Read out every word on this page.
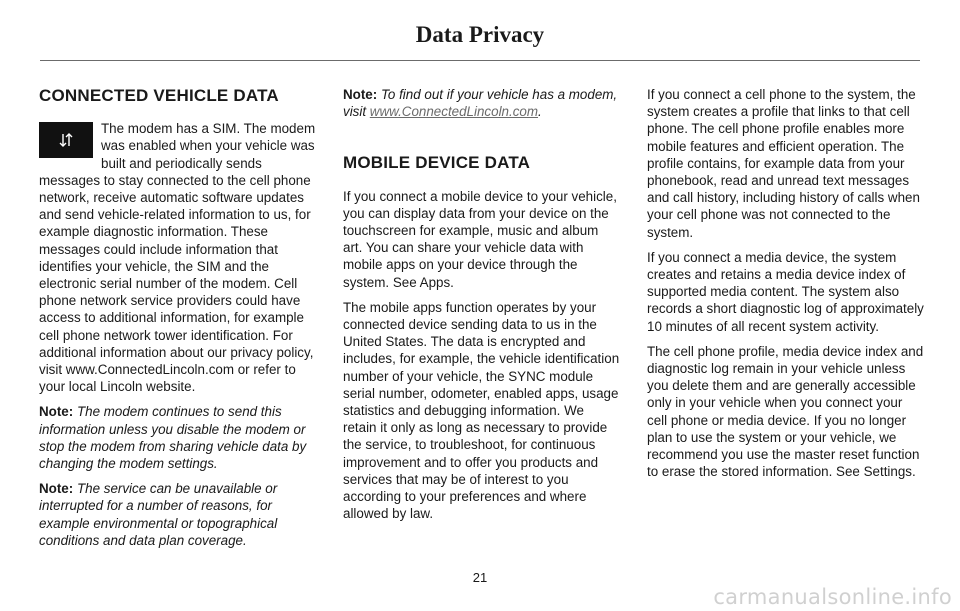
Data Privacy
CONNECTED VEHICLE DATA

The modem has a SIM. The modem was enabled when your vehicle was built and periodically sends messages to stay connected to the cell phone network, receive automatic software updates and send vehicle-related information to us, for example diagnostic information. These messages could include information that identifies your vehicle, the SIM and the electronic serial number of the modem. Cell phone network service providers could have access to additional information, for example cell phone network tower identification. For additional information about our privacy policy, visit www.ConnectedLincoln.com or refer to your local Lincoln website.

Note: The modem continues to send this information unless you disable the modem or stop the modem from sharing vehicle data by changing the modem settings.

Note: The service can be unavailable or interrupted for a number of reasons, for example environmental or topographical conditions and data plan coverage.

Note: To find out if your vehicle has a modem, visit www.ConnectedLincoln.com.

MOBILE DEVICE DATA

If you connect a mobile device to your vehicle, you can display data from your device on the touchscreen for example, music and album art. You can share your vehicle data with mobile apps on your device through the system. See Apps.

The mobile apps function operates by your connected device sending data to us in the United States. The data is encrypted and includes, for example, the vehicle identification number of your vehicle, the SYNC module serial number, odometer, enabled apps, usage statistics and debugging information. We retain it only as long as necessary to provide the service, to troubleshoot, for continuous improvement and to offer you products and services that may be of interest to you according to your preferences and where allowed by law.

If you connect a cell phone to the system, the system creates a profile that links to that cell phone. The cell phone profile enables more mobile features and efficient operation. The profile contains, for example data from your phonebook, read and unread text messages and call history, including history of calls when your cell phone was not connected to the system.

If you connect a media device, the system creates and retains a media device index of supported media content. The system also records a short diagnostic log of approximately 10 minutes of all recent system activity.

The cell phone profile, media device index and diagnostic log remain in your vehicle unless you delete them and are generally accessible only in your vehicle when you connect your cell phone or media device. If you no longer plan to use the system or your vehicle, we recommend you use the master reset function to erase the stored information. See Settings.

21
carmanualsonline.info
